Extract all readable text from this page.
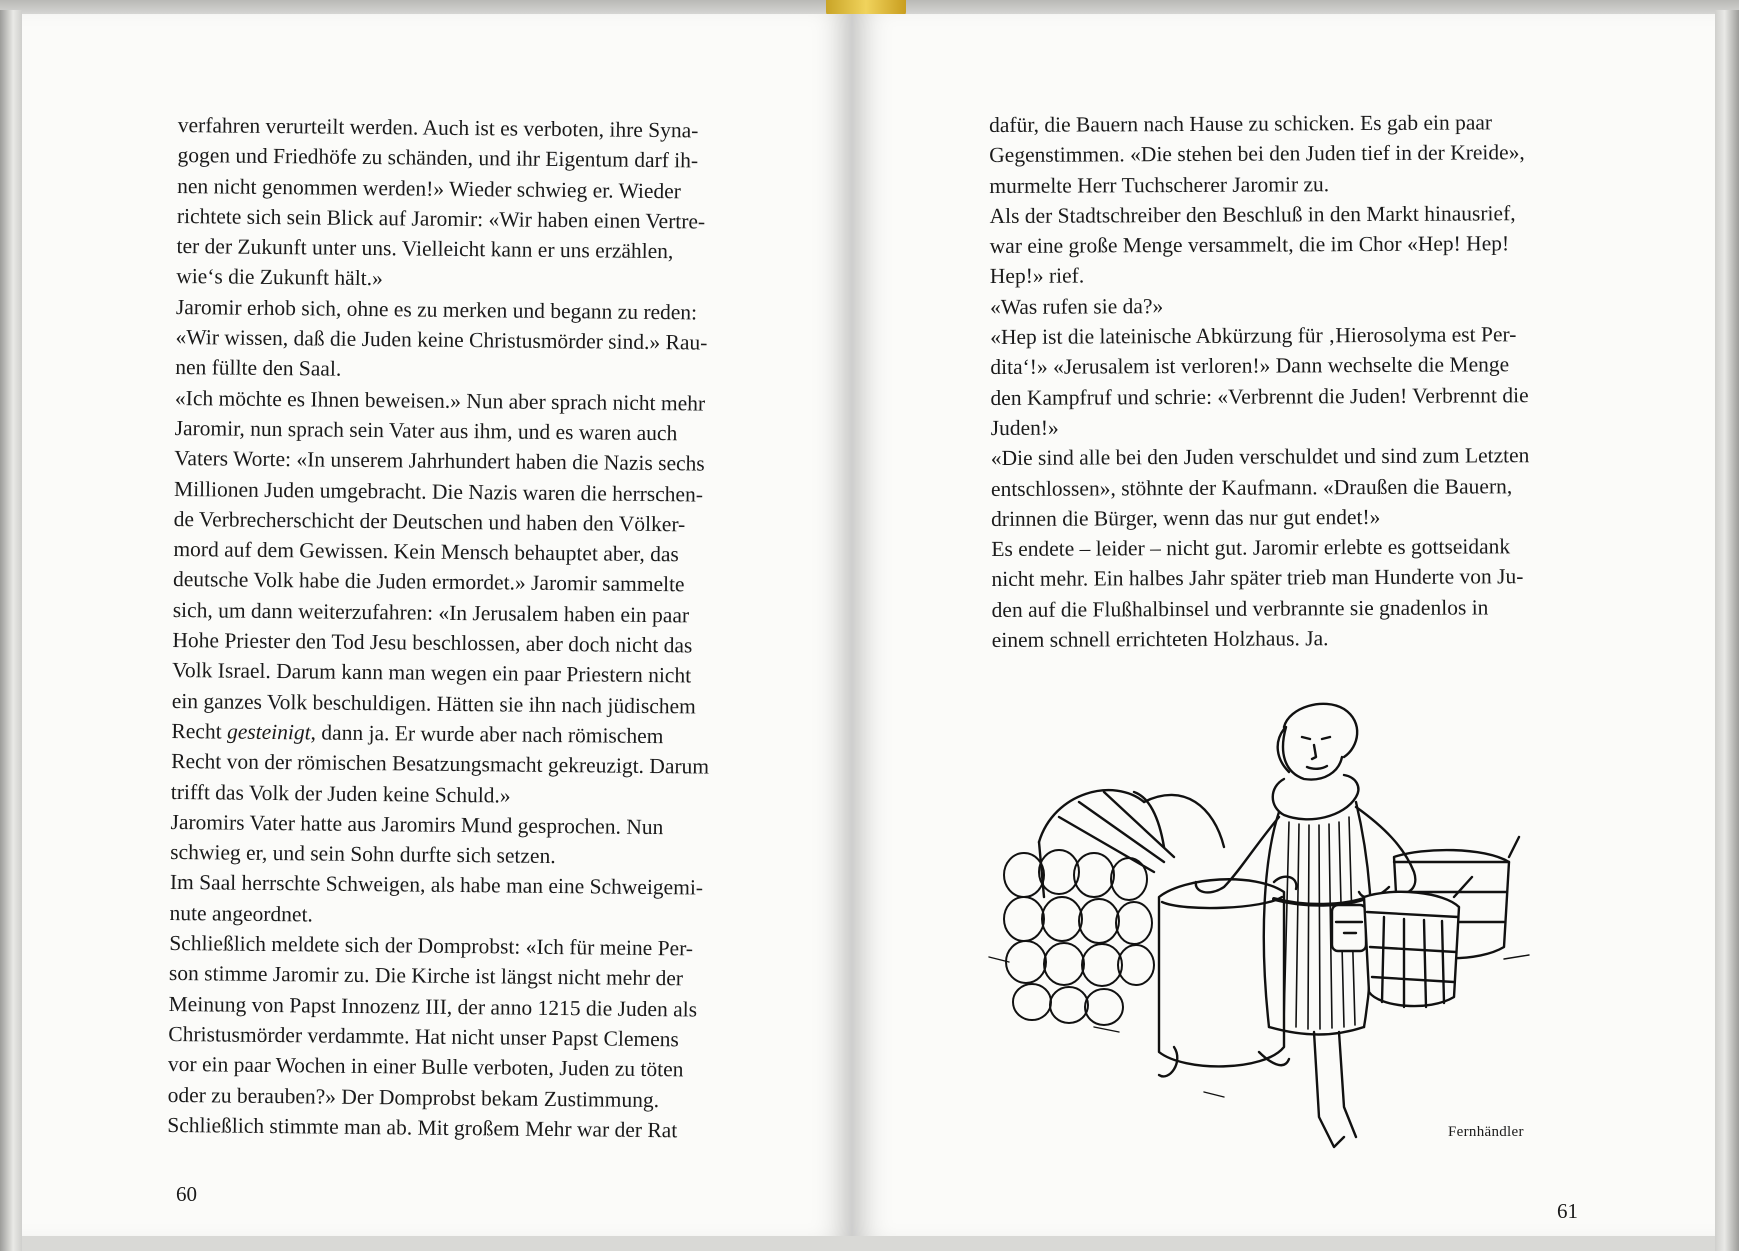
verfahren verurteilt werden. Auch ist es verboten, ihre Syna-

gogen und Friedhöfe zu schänden, und ihr Eigentum darf ih-

nen nicht genommen werden!» Wieder schwieg er. Wieder

richtete sich sein Blick auf Jaromir: «Wir haben einen Vertre-

ter der Zukunft unter uns. Vielleicht kann er uns erzählen,

wie‘s die Zukunft hält.»

Jaromir erhob sich, ohne es zu merken und begann zu reden:

«Wir wissen, daß die Juden keine Christusmörder sind.» Rau-

nen füllte den Saal.

«Ich möchte es Ihnen beweisen.» Nun aber sprach nicht mehr

Jaromir, nun sprach sein Vater aus ihm, und es waren auch

Vaters Worte: «In unserem Jahrhundert haben die Nazis sechs

Millionen Juden umgebracht. Die Nazis waren die herrschen-

de Verbrecherschicht der Deutschen und haben den Völker-

mord auf dem Gewissen. Kein Mensch behauptet aber, das

deutsche Volk habe die Juden ermordet.» Jaromir sammelte

sich, um dann weiterzufahren: «In Jerusalem haben ein paar

Hohe Priester den Tod Jesu beschlossen, aber doch nicht das

Volk Israel. Darum kann man wegen ein paar Priestern nicht

ein ganzes Volk beschuldigen. Hätten sie ihn nach jüdischem

Recht gesteinigt, dann ja. Er wurde aber nach römischem

Recht von der römischen Besatzungsmacht gekreuzigt. Darum

trifft das Volk der Juden keine Schuld.»

Jaromirs Vater hatte aus Jaromirs Mund gesprochen. Nun

schwieg er, und sein Sohn durfte sich setzen.

Im Saal herrschte Schweigen, als habe man eine Schweigemi-

nute angeordnet.

Schließlich meldete sich der Domprobst: «Ich für meine Per-

son stimme Jaromir zu. Die Kirche ist längst nicht mehr der

Meinung von Papst Innozenz III, der anno 1215 die Juden als

Christusmörder verdammte. Hat nicht unser Papst Clemens

vor ein paar Wochen in einer Bulle verboten, Juden zu töten

oder zu berauben?» Der Domprobst bekam Zustimmung.

Schließlich stimmte man ab. Mit großem Mehr war der Rat

60

dafür, die Bauern nach Hause zu schicken. Es gab ein paar

Gegenstimmen. «Die stehen bei den Juden tief in der Kreide»,

murmelte Herr Tuchscherer Jaromir zu.

Als der Stadtschreiber den Beschluß in den Markt hinausrief,

war eine große Menge versammelt, die im Chor «Hep! Hep!

Hep!» rief.

«Was rufen sie da?»

«Hep ist die lateinische Abkürzung für ‚Hierosolyma est Per-

dita‘!» «Jerusalem ist verloren!» Dann wechselte die Menge

den Kampfruf und schrie: «Verbrennt die Juden! Verbrennt die

Juden!»

«Die sind alle bei den Juden verschuldet und sind zum Letzten

entschlossen», stöhnte der Kaufmann. «Draußen die Bauern,

drinnen die Bürger, wenn das nur gut endet!»

Es endete – leider – nicht gut. Jaromir erlebte es gottseidank

nicht mehr. Ein halbes Jahr später trieb man Hunderte von Ju-

den auf die Flußhalbinsel und verbrannte sie gnadenlos in

einem schnell errichteten Holzhaus. Ja.

Fernhändler
61
